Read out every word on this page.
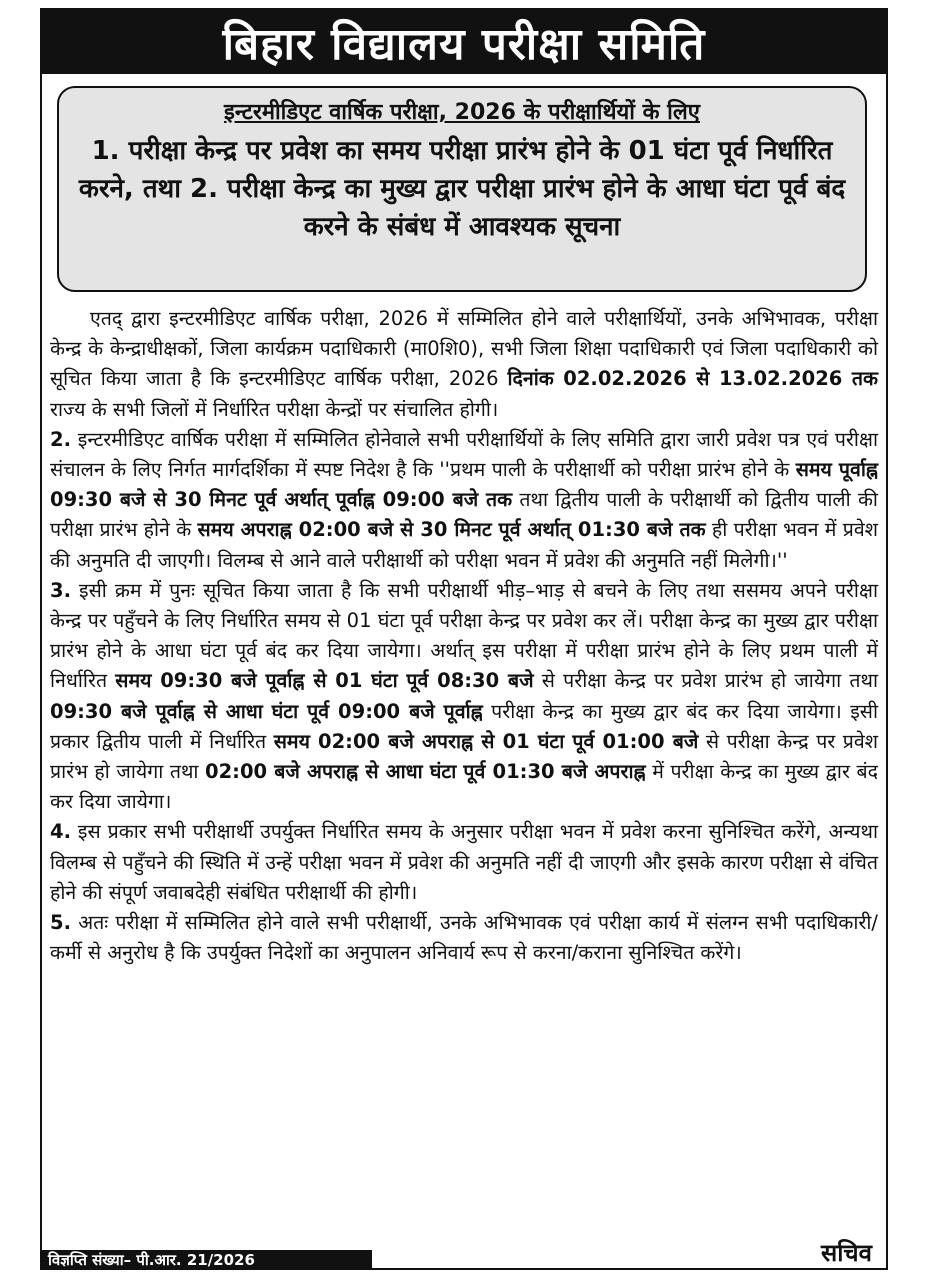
बिहार विद्यालय परीक्षा समिति
इन्टरमीडिएट वार्षिक परीक्षा, 2026 के परीक्षार्थियों के लिए
1. परीक्षा केन्द्र पर प्रवेश का समय परीक्षा प्रारंभ होने के 01 घंटा पूर्व निर्धारित करने, तथा 2. परीक्षा केन्द्र का मुख्य द्वार परीक्षा प्रारंभ होने के आधा घंटा पूर्व बंद करने के संबंध में आवश्यक सूचना

एतद् द्वारा इन्टरमीडिएट वार्षिक परीक्षा, 2026 में सम्मिलित होने वाले परीक्षार्थियों, उनके अभिभावक, परीक्षा केन्द्र के केन्द्राधीक्षकों, जिला कार्यक्रम पदाधिकारी (मा0शि0), सभी जिला शिक्षा पदाधिकारी एवं जिला पदाधिकारी को सूचित किया जाता है कि इन्टरमीडिएट वार्षिक परीक्षा, 2026 दिनांक 02.02.2026 से 13.02.2026 तक राज्य के सभी जिलों में निर्धारित परीक्षा केन्द्रों पर संचालित होगी।

2. इन्टरमीडिएट वार्षिक परीक्षा में सम्मिलित होनेवाले सभी परीक्षार्थियों के लिए समिति द्वारा जारी प्रवेश पत्र एवं परीक्षा संचालन के लिए निर्गत मार्गदर्शिका में स्पष्ट निदेश है कि ''प्रथम पाली के परीक्षार्थी को परीक्षा प्रारंभ होने के समय पूर्वाह्न 09:30 बजे से 30 मिनट पूर्व अर्थात् पूर्वाह्न 09:00 बजे तक तथा द्वितीय पाली के परीक्षार्थी को द्वितीय पाली की परीक्षा प्रारंभ होने के समय अपराह्न 02:00 बजे से 30 मिनट पूर्व अर्थात् 01:30 बजे तक ही परीक्षा भवन में प्रवेश की अनुमति दी जाएगी। विलम्ब से आने वाले परीक्षार्थी को परीक्षा भवन में प्रवेश की अनुमति नहीं मिलेगी।''

3. इसी क्रम में पुनः सूचित किया जाता है कि सभी परीक्षार्थी भीड़–भाड़ से बचने के लिए तथा ससमय अपने परीक्षा केन्द्र पर पहुँचने के लिए निर्धारित समय से 01 घंटा पूर्व परीक्षा केन्द्र पर प्रवेश कर लें। परीक्षा केन्द्र का मुख्य द्वार परीक्षा प्रारंभ होने के आधा घंटा पूर्व बंद कर दिया जायेगा। अर्थात् इस परीक्षा में परीक्षा प्रारंभ होने के लिए प्रथम पाली में निर्धारित समय 09:30 बजे पूर्वाह्न से 01 घंटा पूर्व 08:30 बजे से परीक्षा केन्द्र पर प्रवेश प्रारंभ हो जायेगा तथा 09:30 बजे पूर्वाह्न से आधा घंटा पूर्व 09:00 बजे पूर्वाह्न परीक्षा केन्द्र का मुख्य द्वार बंद कर दिया जायेगा। इसी प्रकार द्वितीय पाली में निर्धारित समय 02:00 बजे अपराह्न से 01 घंटा पूर्व 01:00 बजे से परीक्षा केन्द्र पर प्रवेश प्रारंभ हो जायेगा तथा 02:00 बजे अपराह्न से आधा घंटा पूर्व 01:30 बजे अपराह्न में परीक्षा केन्द्र का मुख्य द्वार बंद कर दिया जायेगा।

4. इस प्रकार सभी परीक्षार्थी उपर्युक्त निर्धारित समय के अनुसार परीक्षा भवन में प्रवेश करना सुनिश्चित करेंगे, अन्यथा विलम्ब से पहुँचने की स्थिति में उन्हें परीक्षा भवन में प्रवेश की अनुमति नहीं दी जाएगी और इसके कारण परीक्षा से वंचित होने की संपूर्ण जवाबदेही संबंधित परीक्षार्थी की होगी।

5. अतः परीक्षा में सम्मिलित होने वाले सभी परीक्षार्थी, उनके अभिभावक एवं परीक्षा कार्य में संलग्न सभी पदाधिकारी/कर्मी से अनुरोध है कि उपर्युक्त निदेशों का अनुपालन अनिवार्य रूप से करना/कराना सुनिश्चित करेंगे।

विज्ञप्ति संख्या– पी.आर. 21/2026	सचिव
